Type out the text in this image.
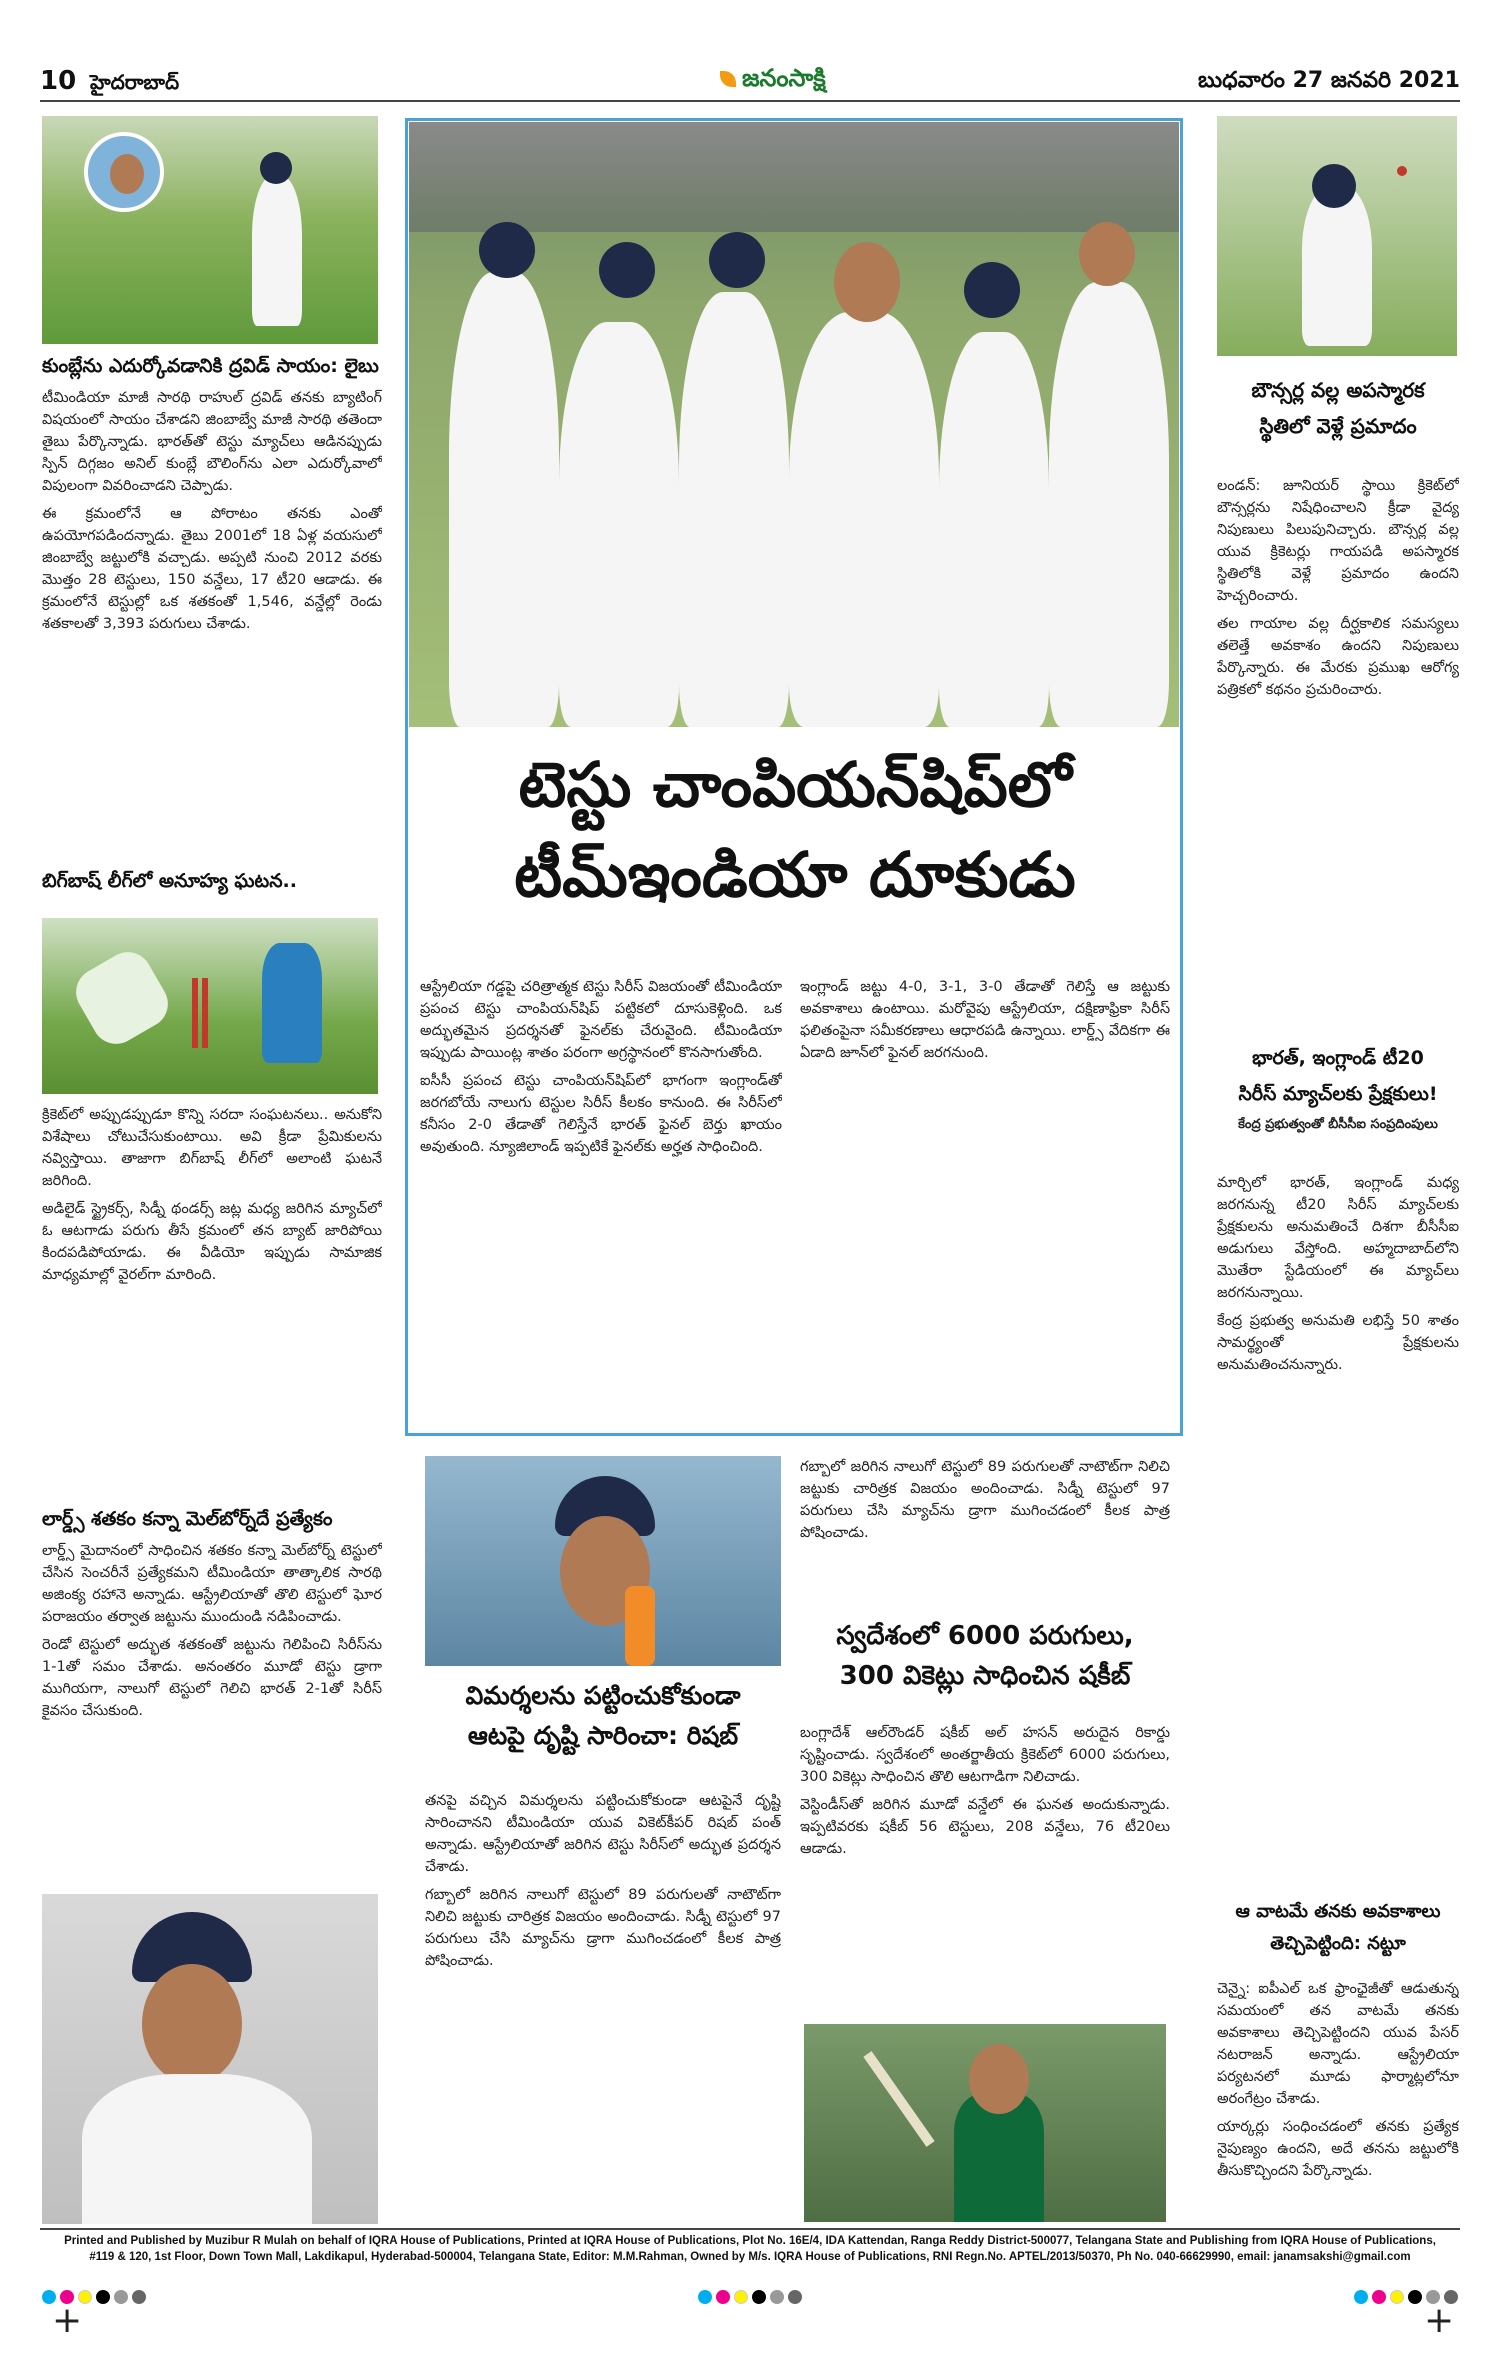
10 హైదరాబాద్	జనంసాక్షి	బుధవారం 27 జనవరి 2021
కుంబ్లేను ఎదుర్కోవడానికి ద్రవిడ్ సాయం: లైబు

టీమిండియా మాజీ సారథి రాహుల్ ద్రవిడ్ తనకు బ్యాటింగ్ విషయంలో సాయం చేశాడని జింబాబ్వే మాజీ సారథి తతెందా తైబు పేర్కొన్నాడు. భారత్‌తో టెస్టు మ్యాచ్‌లు ఆడినప్పుడు స్పిన్ దిగ్గజం అనిల్ కుంబ్లే బౌలింగ్‌ను ఎలా ఎదుర్కోవాలో విపులంగా వివరించాడని చెప్పాడు.

ఈ క్రమంలోనే ఆ పోరాటం తనకు ఎంతో ఉపయోగపడిందన్నాడు. తైబు 2001లో 18 ఏళ్ల వయసులో జింబాబ్వే జట్టులోకి వచ్చాడు. అప్పటి నుంచి 2012 వరకు మొత్తం 28 టెస్టులు, 150 వన్డేలు, 17 టీ20 ఆడాడు. ఈ క్రమంలోనే టెస్టుల్లో ఒక శతకంతో 1,546, వన్డేల్లో రెండు శతకాలతో 3,393 పరుగులు చేశాడు.

బిగ్‌బాష్ లీగ్‌లో అనూహ్య ఘటన..

క్రికెట్‌లో అప్పుడప్పుడూ కొన్ని సరదా సంఘటనలు.. అనుకోని విశేషాలు చోటుచేసుకుంటాయి. అవి క్రీడా ప్రేమికులను నవ్విస్తాయి. తాజాగా బిగ్‌బాష్ లీగ్‌లో అలాంటి ఘటనే జరిగింది.

అడిలైడ్ స్ట్రైకర్స్, సిడ్నీ థండర్స్ జట్ల మధ్య జరిగిన మ్యాచ్‌లో ఓ ఆటగాడు పరుగు తీసే క్రమంలో తన బ్యాట్ జారిపోయి కిందపడిపోయాడు. ఈ వీడియో ఇప్పుడు సామాజిక మాధ్యమాల్లో వైరల్‌గా మారింది.

లార్డ్స్ శతకం కన్నా మెల్‌బోర్న్‌దే ప్రత్యేకం

లార్డ్స్ మైదానంలో సాధించిన శతకం కన్నా మెల్‌బోర్న్ టెస్టులో చేసిన సెంచరీనే ప్రత్యేకమని టీమిండియా తాత్కాలిక సారథి అజింక్య రహానె అన్నాడు. ఆస్ట్రేలియాతో తొలి టెస్టులో ఘోర పరాజయం తర్వాత జట్టును ముందుండి నడిపించాడు.

రెండో టెస్టులో అద్భుత శతకంతో జట్టును గెలిపించి సిరీస్‌ను 1-1తో సమం చేశాడు. అనంతరం మూడో టెస్టు డ్రాగా ముగియగా, నాలుగో టెస్టులో గెలిచి భారత్ 2-1తో సిరీస్ కైవసం చేసుకుంది.

టెస్టు చాంపియన్‌షిప్‌లో
టీమ్‌ఇండియా దూకుడు

ఆస్ట్రేలియా గడ్డపై చరిత్రాత్మక టెస్టు సిరీస్ విజయంతో టీమిండియా ప్రపంచ టెస్టు చాంపియన్‌షిప్ పట్టికలో దూసుకెళ్లింది. ఒక అద్భుతమైన ప్రదర్శనతో ఫైనల్‌కు చేరువైంది. టీమిండియా ఇప్పుడు పాయింట్ల శాతం పరంగా అగ్రస్థానంలో కొనసాగుతోంది.

ఐసీసీ ప్రపంచ టెస్టు చాంపియన్‌షిప్‌లో భాగంగా ఇంగ్లాండ్‌తో జరగబోయే నాలుగు టెస్టుల సిరీస్ కీలకం కానుంది. ఈ సిరీస్‌లో కనీసం 2-0 తేడాతో గెలిస్తేనే భారత్ ఫైనల్ బెర్తు ఖాయం అవుతుంది. న్యూజిలాండ్ ఇప్పటికే ఫైనల్‌కు అర్హత సాధించింది.

ఇంగ్లాండ్ జట్టు 4-0, 3-1, 3-0 తేడాతో గెలిస్తే ఆ జట్టుకు అవకాశాలు ఉంటాయి. మరోవైపు ఆస్ట్రేలియా, దక్షిణాఫ్రికా సిరీస్ ఫలితంపైనా సమీకరణాలు ఆధారపడి ఉన్నాయి. లార్డ్స్ వేదికగా ఈ ఏడాది జూన్‌లో ఫైనల్ జరగనుంది.

విమర్శలను పట్టించుకోకుండా
ఆటపై దృష్టి సారించా: రిషబ్

తనపై వచ్చిన విమర్శలను పట్టించుకోకుండా ఆటపైనే దృష్టి సారించానని టీమిండియా యువ వికెట్‌కీపర్ రిషబ్ పంత్ అన్నాడు. ఆస్ట్రేలియాతో జరిగిన టెస్టు సిరీస్‌లో అద్భుత ప్రదర్శన చేశాడు.

గబ్బాలో జరిగిన నాలుగో టెస్టులో 89 పరుగులతో నాటౌట్‌గా నిలిచి జట్టుకు చారిత్రక విజయం అందించాడు. సిడ్నీ టెస్టులో 97 పరుగులు చేసి మ్యాచ్‌ను డ్రాగా ముగించడంలో కీలక పాత్ర పోషించాడు.

గబ్బాలో జరిగిన నాలుగో టెస్టులో 89 పరుగులతో నాటౌట్‌గా నిలిచి జట్టుకు చారిత్రక విజయం అందించాడు. సిడ్నీ టెస్టులో 97 పరుగులు చేసి మ్యాచ్‌ను డ్రాగా ముగించడంలో కీలక పాత్ర పోషించాడు.

స్వదేశంలో 6000 పరుగులు,
300 వికెట్లు సాధించిన షకీబ్

బంగ్లాదేశ్ ఆల్‌రౌండర్ షకీబ్ అల్ హసన్ అరుదైన రికార్డు సృష్టించాడు. స్వదేశంలో అంతర్జాతీయ క్రికెట్‌లో 6000 పరుగులు, 300 వికెట్లు సాధించిన తొలి ఆటగాడిగా నిలిచాడు.

వెస్టిండీస్‌తో జరిగిన మూడో వన్డేలో ఈ ఘనత అందుకున్నాడు. ఇప్పటివరకు షకీబ్ 56 టెస్టులు, 208 వన్డేలు, 76 టీ20లు ఆడాడు.

బౌన్సర్ల వల్ల అపస్మారక
స్థితిలో వెళ్లే ప్రమాదం

లండన్: జూనియర్ స్థాయి క్రికెట్‌లో బౌన్సర్లను నిషేధించాలని క్రీడా వైద్య నిపుణులు పిలుపునిచ్చారు. బౌన్సర్ల వల్ల యువ క్రికెటర్లు గాయపడి అపస్మారక స్థితిలోకి వెళ్లే ప్రమాదం ఉందని హెచ్చరించారు.

తల గాయాల వల్ల దీర్ఘకాలిక సమస్యలు తలెత్తే అవకాశం ఉందని నిపుణులు పేర్కొన్నారు. ఈ మేరకు ప్రముఖ ఆరోగ్య పత్రికలో కథనం ప్రచురించారు.

భారత్, ఇంగ్లాండ్ టీ20
సిరీస్ మ్యాచ్‌లకు ప్రేక్షకులు!
కేంద్ర ప్రభుత్వంతో బీసీసీఐ సంప్రదింపులు

మార్చిలో భారత్, ఇంగ్లాండ్ మధ్య జరగనున్న టీ20 సిరీస్ మ్యాచ్‌లకు ప్రేక్షకులను అనుమతించే దిశగా బీసీసీఐ అడుగులు వేస్తోంది. అహ్మదాబాద్‌లోని మొతేరా స్టేడియంలో ఈ మ్యాచ్‌లు జరగనున్నాయి.

కేంద్ర ప్రభుత్వ అనుమతి లభిస్తే 50 శాతం సామర్థ్యంతో ప్రేక్షకులను అనుమతించనున్నారు.

ఆ వాటమే తనకు అవకాశాలు
తెచ్చిపెట్టింది: నట్టూ

చెన్నై: ఐపీఎల్ ఒక ఫ్రాంఛైజీతో ఆడుతున్న సమయంలో తన వాటమే తనకు అవకాశాలు తెచ్చిపెట్టిందని యువ పేసర్ నటరాజన్ అన్నాడు. ఆస్ట్రేలియా పర్యటనలో మూడు ఫార్మాట్లలోనూ అరంగేట్రం చేశాడు.

యార్కర్లు సంధించడంలో తనకు ప్రత్యేక నైపుణ్యం ఉందని, అదే తనను జట్టులోకి తీసుకొచ్చిందని పేర్కొన్నాడు.

Printed and Published by Muzibur R Mulah on behalf of IQRA House of Publications, Printed at IQRA House of Publications, Plot No. 16E/4, IDA Kattendan, Ranga Reddy District-500077, Telangana State and Publishing from IQRA House of Publications,
#119 & 120, 1st Floor, Down Town Mall, Lakdikapul, Hyderabad-500004, Telangana State, Editor: M.M.Rahman, Owned by M/s. IQRA House of Publications, RNI Regn.No. APTEL/2013/50370, Ph No. 040-66629990, email: janamsakshi@gmail.com
+	+
